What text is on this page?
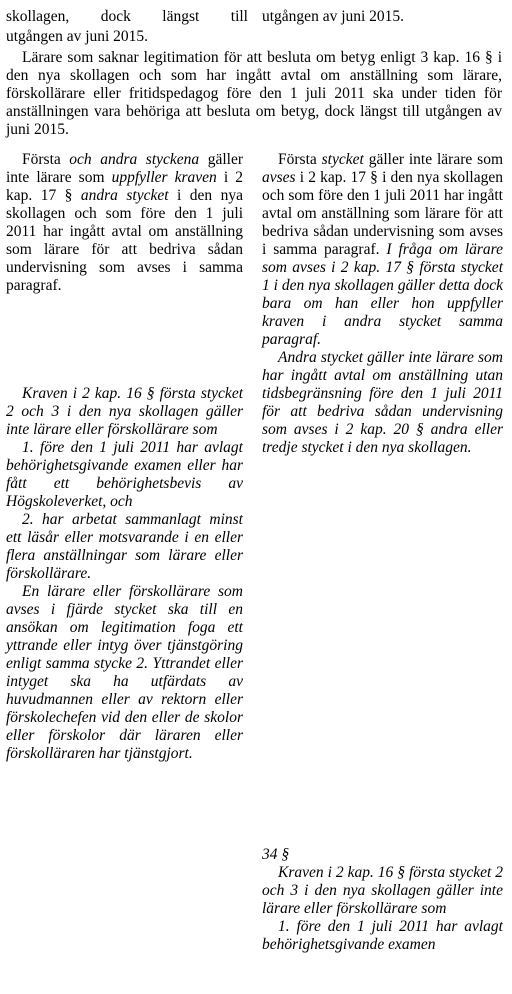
skollagen, dock längst till utgången av juni 2015.
utgången av juni 2015.

Lärare som saknar legitimation för att besluta om betyg enligt 3 kap. 16 § i den nya skollagen och som har ingått avtal om anställning som lärare, förskollärare eller fritidspedagog före den 1 juli 2011 ska under tiden för anställningen vara behöriga att besluta om betyg, dock längst till utgången av juni 2015.

Första och andra styckena gäller inte lärare som uppfyller kraven i 2 kap. 17 § andra stycket i den nya skollagen och som före den 1 juli 2011 har ingått avtal om anställning som lärare för att bedriva sådan undervisning som avses i samma paragraf.

Kraven i 2 kap. 16 § första stycket 2 och 3 i den nya skollagen gäller inte lärare eller förskollärare som

1. före den 1 juli 2011 har avlagt behörighetsgivande examen eller har fått ett behörighetsbevis av Högskoleverket, och

2. har arbetat sammanlagt minst ett läsår eller motsvarande i en eller flera anställningar som lärare eller förskollärare.

En lärare eller förskollärare som avses i fjärde stycket ska till en ansökan om legitimation foga ett yttrande eller intyg över tjänstgöring enligt samma stycke 2. Yttrandet eller intyget ska ha utfärdats av huvudmannen eller av rektorn eller förskolechefen vid den eller de skolor eller förskolor där läraren eller förskolläraren har tjänstgjort.

Första stycket gäller inte lärare som avses i 2 kap. 17 § i den nya skollagen och som före den 1 juli 2011 har ingått avtal om anställning som lärare för att bedriva sådan undervisning som avses i samma paragraf. I fråga om lärare som avses i 2 kap. 17 § första stycket 1 i den nya skollagen gäller detta dock bara om han eller hon uppfyller kraven i andra stycket samma paragraf.

Andra stycket gäller inte lärare som har ingått avtal om anställning utan tidsbegränsning före den 1 juli 2011 för att bedriva sådan undervisning som avses i 2 kap. 20 § andra eller tredje stycket i den nya skollagen.

34 §

Kraven i 2 kap. 16 § första stycket 2 och 3 i den nya skollagen gäller inte lärare eller förskollärare som

1. före den 1 juli 2011 har avlagt behörighetsgivande examen
